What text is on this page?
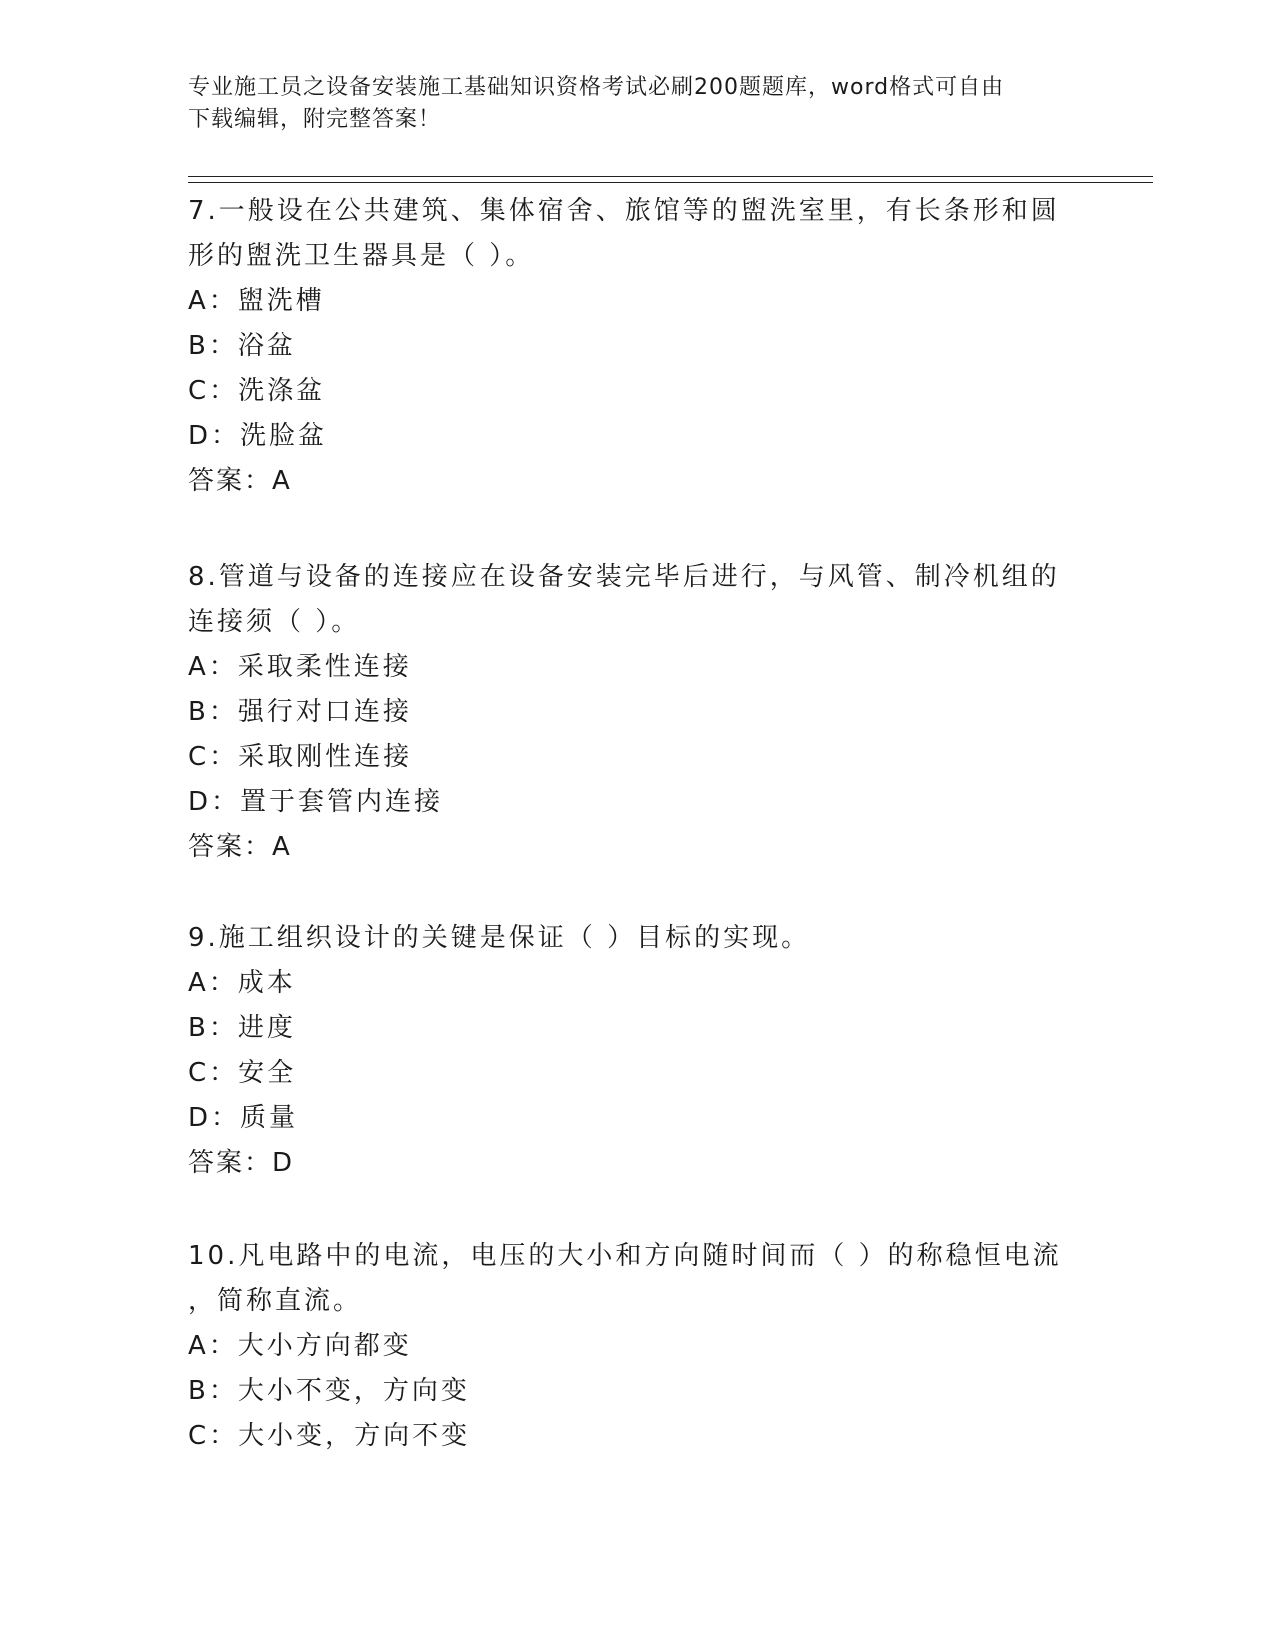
专业施工员之设备安装施工基础知识资格考试必刷200题题库，word格式可自由
下载编辑，附完整答案！
7.一般设在公共建筑、集体宿舍、旅馆等的盥洗室里，有长条形和圆
形的盥洗卫生器具是（ ）。
A：盥洗槽
B：浴盆
C：洗涤盆
D：洗脸盆
答案：A
8.管道与设备的连接应在设备安装完毕后进行，与风管、制冷机组的
连接须（ ）。
A：采取柔性连接
B：强行对口连接
C：采取刚性连接
D：置于套管内连接
答案：A
9.施工组织设计的关键是保证（ ）目标的实现。
A：成本
B：进度
C：安全
D：质量
答案：D
10.凡电路中的电流，电压的大小和方向随时间而（ ）的称稳恒电流
，简称直流。
A：大小方向都变
B：大小不变，方向变
C：大小变，方向不变
